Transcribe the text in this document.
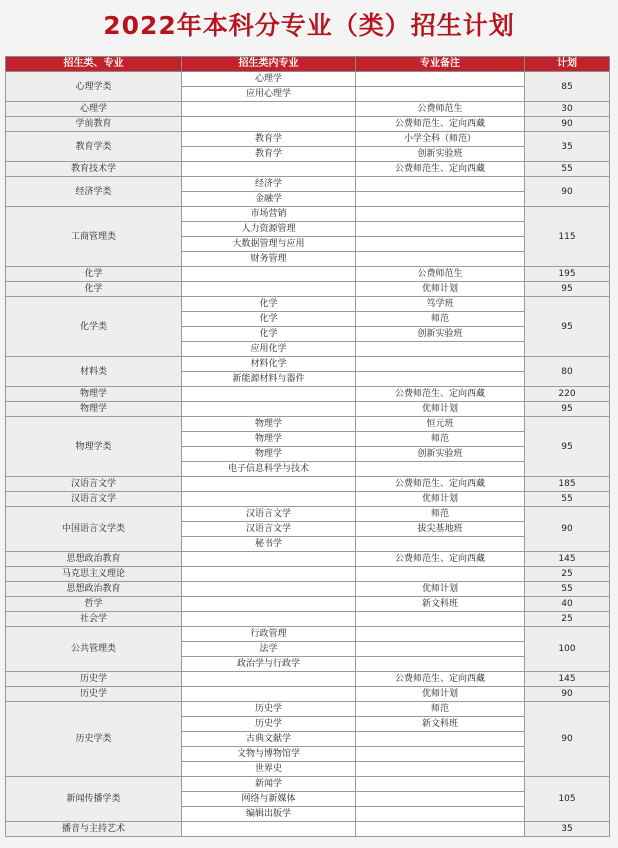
2022年本科分专业（类）招生计划
招生类、专业	招生类内专业	专业备注	计划
心理学类	心理学		85
	应用心理学		
心理学		公费师范生	30
学前教育		公费师范生、定向西藏	90
教育学类	教育学	小学全科（师范）	35
	教育学	创新实验班	
教育技术学		公费师范生、定向西藏	55
经济学类	经济学		90
	金融学		
工商管理类	市场营销		115
	人力资源管理		
	大数据管理与应用		
	财务管理		
化学		公费师范生	195
化学		优师计划	95
化学类	化学	笃学班	95
	化学	师范	
	化学	创新实验班	
	应用化学		
材料类	材料化学		80
	新能源材料与器件		
物理学		公费师范生、定向西藏	220
物理学		优师计划	95
物理学类	物理学	恒元班	95
	物理学	师范	
	物理学	创新实验班	
	电子信息科学与技术		
汉语言文学		公费师范生、定向西藏	185
汉语言文学		优师计划	55
中国语言文学类	汉语言文学	师范	90
	汉语言文学	拔尖基地班	
	秘书学		
思想政治教育		公费师范生、定向西藏	145
马克思主义理论			25
思想政治教育		优师计划	55
哲学		新文科班	40
社会学			25
公共管理类	行政管理		100
	法学		
	政治学与行政学		
历史学		公费师范生、定向西藏	145
历史学		优师计划	90
历史学类	历史学	师范	90
	历史学	新文科班	
	古典文献学		
	文物与博物馆学		
	世界史		
新闻传播学类	新闻学		105
	网络与新媒体		
	编辑出版学		
播音与主持艺术			35
